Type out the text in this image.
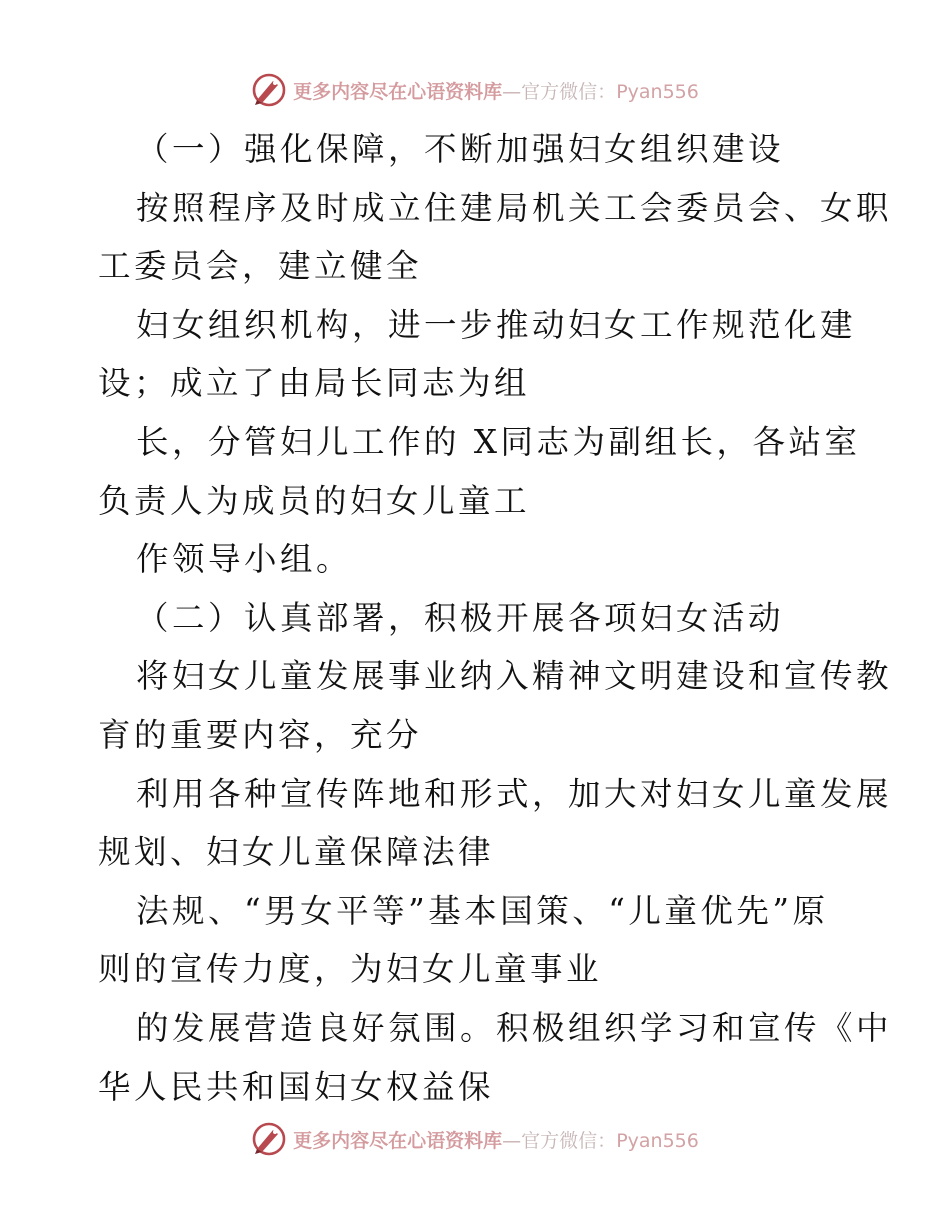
更多内容尽在心语资料库—官方微信：Pyan556
（一）强化保障，不断加强妇女组织建设
按照程序及时成立住建局机关工会委员会、女职
工委员会，建立健全
妇女组织机构，进一步推动妇女工作规范化建
设；成立了由局长同志为组
长，分管妇儿工作的 X同志为副组长，各站室
负责人为成员的妇女儿童工
作领导小组。
（二）认真部署，积极开展各项妇女活动
将妇女儿童发展事业纳入精神文明建设和宣传教
育的重要内容，充分
利用各种宣传阵地和形式，加大对妇女儿童发展
规划、妇女儿童保障法律
法规、“男女平等”基本国策、“儿童优先”原
则的宣传力度，为妇女儿童事业
的发展营造良好氛围。积极组织学习和宣传《中
华人民共和国妇女权益保
更多内容尽在心语资料库—官方微信：Pyan556
